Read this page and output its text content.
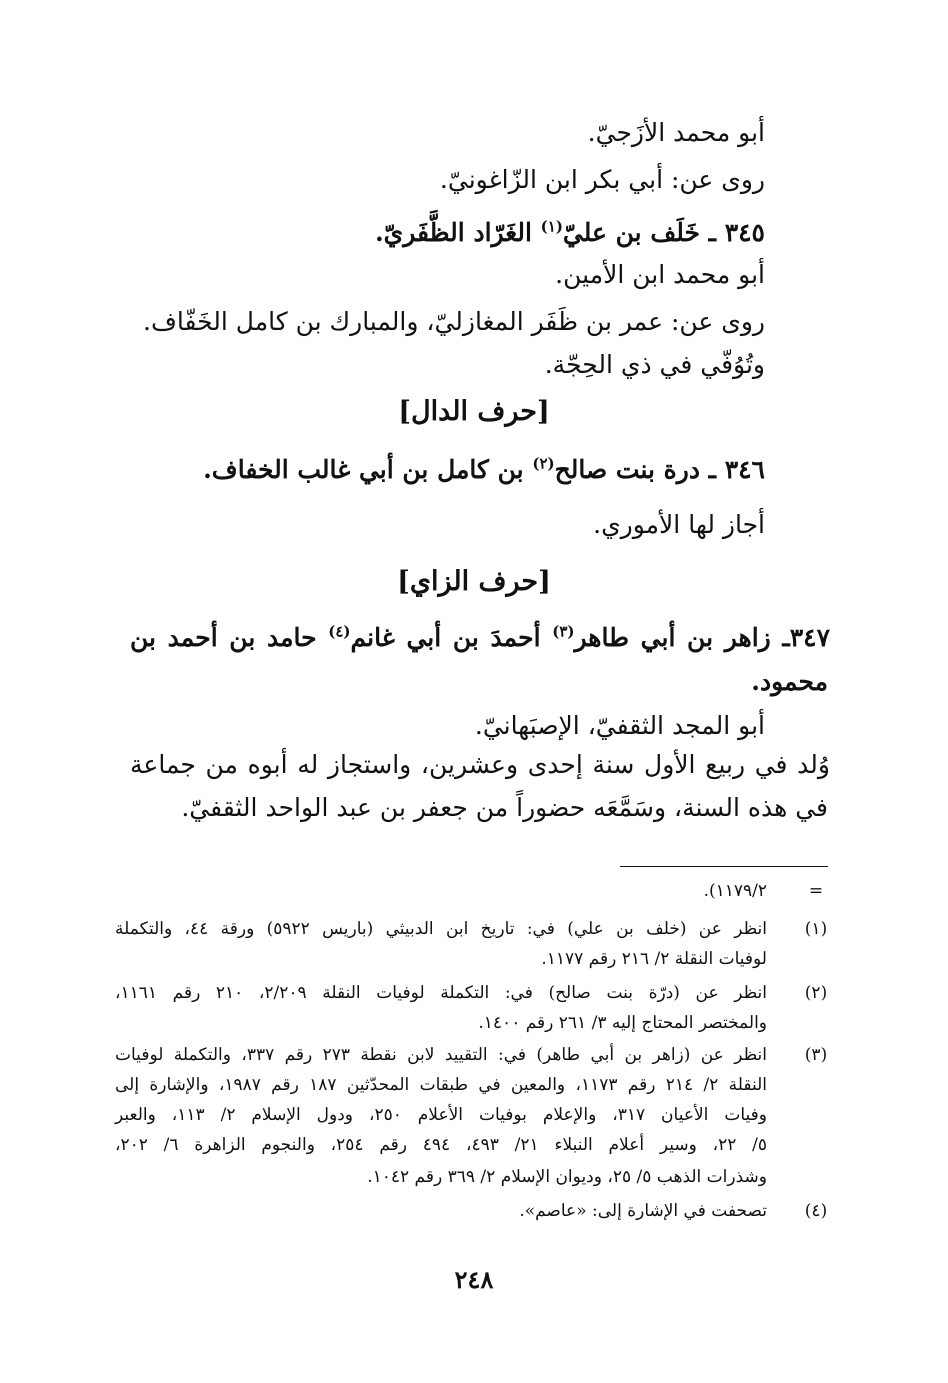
أبو محمد الأزَجيّ.
روى عن: أبي بكر ابن الزّاغونيّ.
٣٤٥ ـ خَلَف بن عليّ$^{(١)}$ الغَرّاد الظَّفَريّ.
أبو محمد ابن الأمين.
روى عن: عمر بن ظَفَر المغازليّ، والمبارك بن كامل الخَفّاف.
وتُوُفّي في ذي الحِجّة.
[حرف الدال]
٣٤٦ ـ درة بنت صالح$^{(٢)}$ بن كامل بن أبي غالب الخفاف.
أجاز لها الأموري.
[حرف الزاي]
٣٤٧ـ زاهر بن أبي طاهر$^{(٣)}$ أحمدَ بن أبي غانم$^{(٤)}$ حامد بن أحمد بن
محمود.
أبو المجد الثقفيّ، الإصبَهانيّ.
وُلد في ربيع الأول سنة إحدى وعشرين، واستجاز له أبوه من جماعة
في هذه السنة، وسَمَّعَه حضوراً من جعفر بن عبد الواحد الثقفيّ.
=
١١٧٩/٢).
(١)
انظر عن (خلف بن علي) في: تاريخ ابن الدبيثي (باريس ٥٩٢٢) ورقة ٤٤، والتكملة
لوفيات النقلة ٢/ ٢١٦ رقم ١١٧٧.
(٢)
انظر عن (درّة بنت صالح) في: التكملة لوفيات النقلة ٢/٢٠٩، ٢١٠ رقم ١١٦١،
والمختصر المحتاج إليه ٣/ ٢٦١ رقم ١٤٠٠.
(٣)
انظر عن (زاهر بن أبي طاهر) في: التقييد لابن نقطة ٢٧٣ رقم ٣٣٧، والتكملة لوفيات
النقلة ٢/ ٢١٤ رقم ١١٧٣، والمعين في طبقات المحدّثين ١٨٧ رقم ١٩٨٧، والإشارة إلى
وفيات الأعيان ٣١٧، والإعلام بوفيات الأعلام ٢٥٠، ودول الإسلام ٢/ ١١٣، والعبر
٥/ ٢٢، وسير أعلام النبلاء ٢١/ ٤٩٣، ٤٩٤ رقم ٢٥٤، والنجوم الزاهرة ٦/ ٢٠٢،
وشذرات الذهب ٥/ ٢٥، وديوان الإسلام ٢/ ٣٦٩ رقم ١٠٤٢.
(٤)
تصحفت في الإشارة إلى: «عاصم».
٢٤٨
